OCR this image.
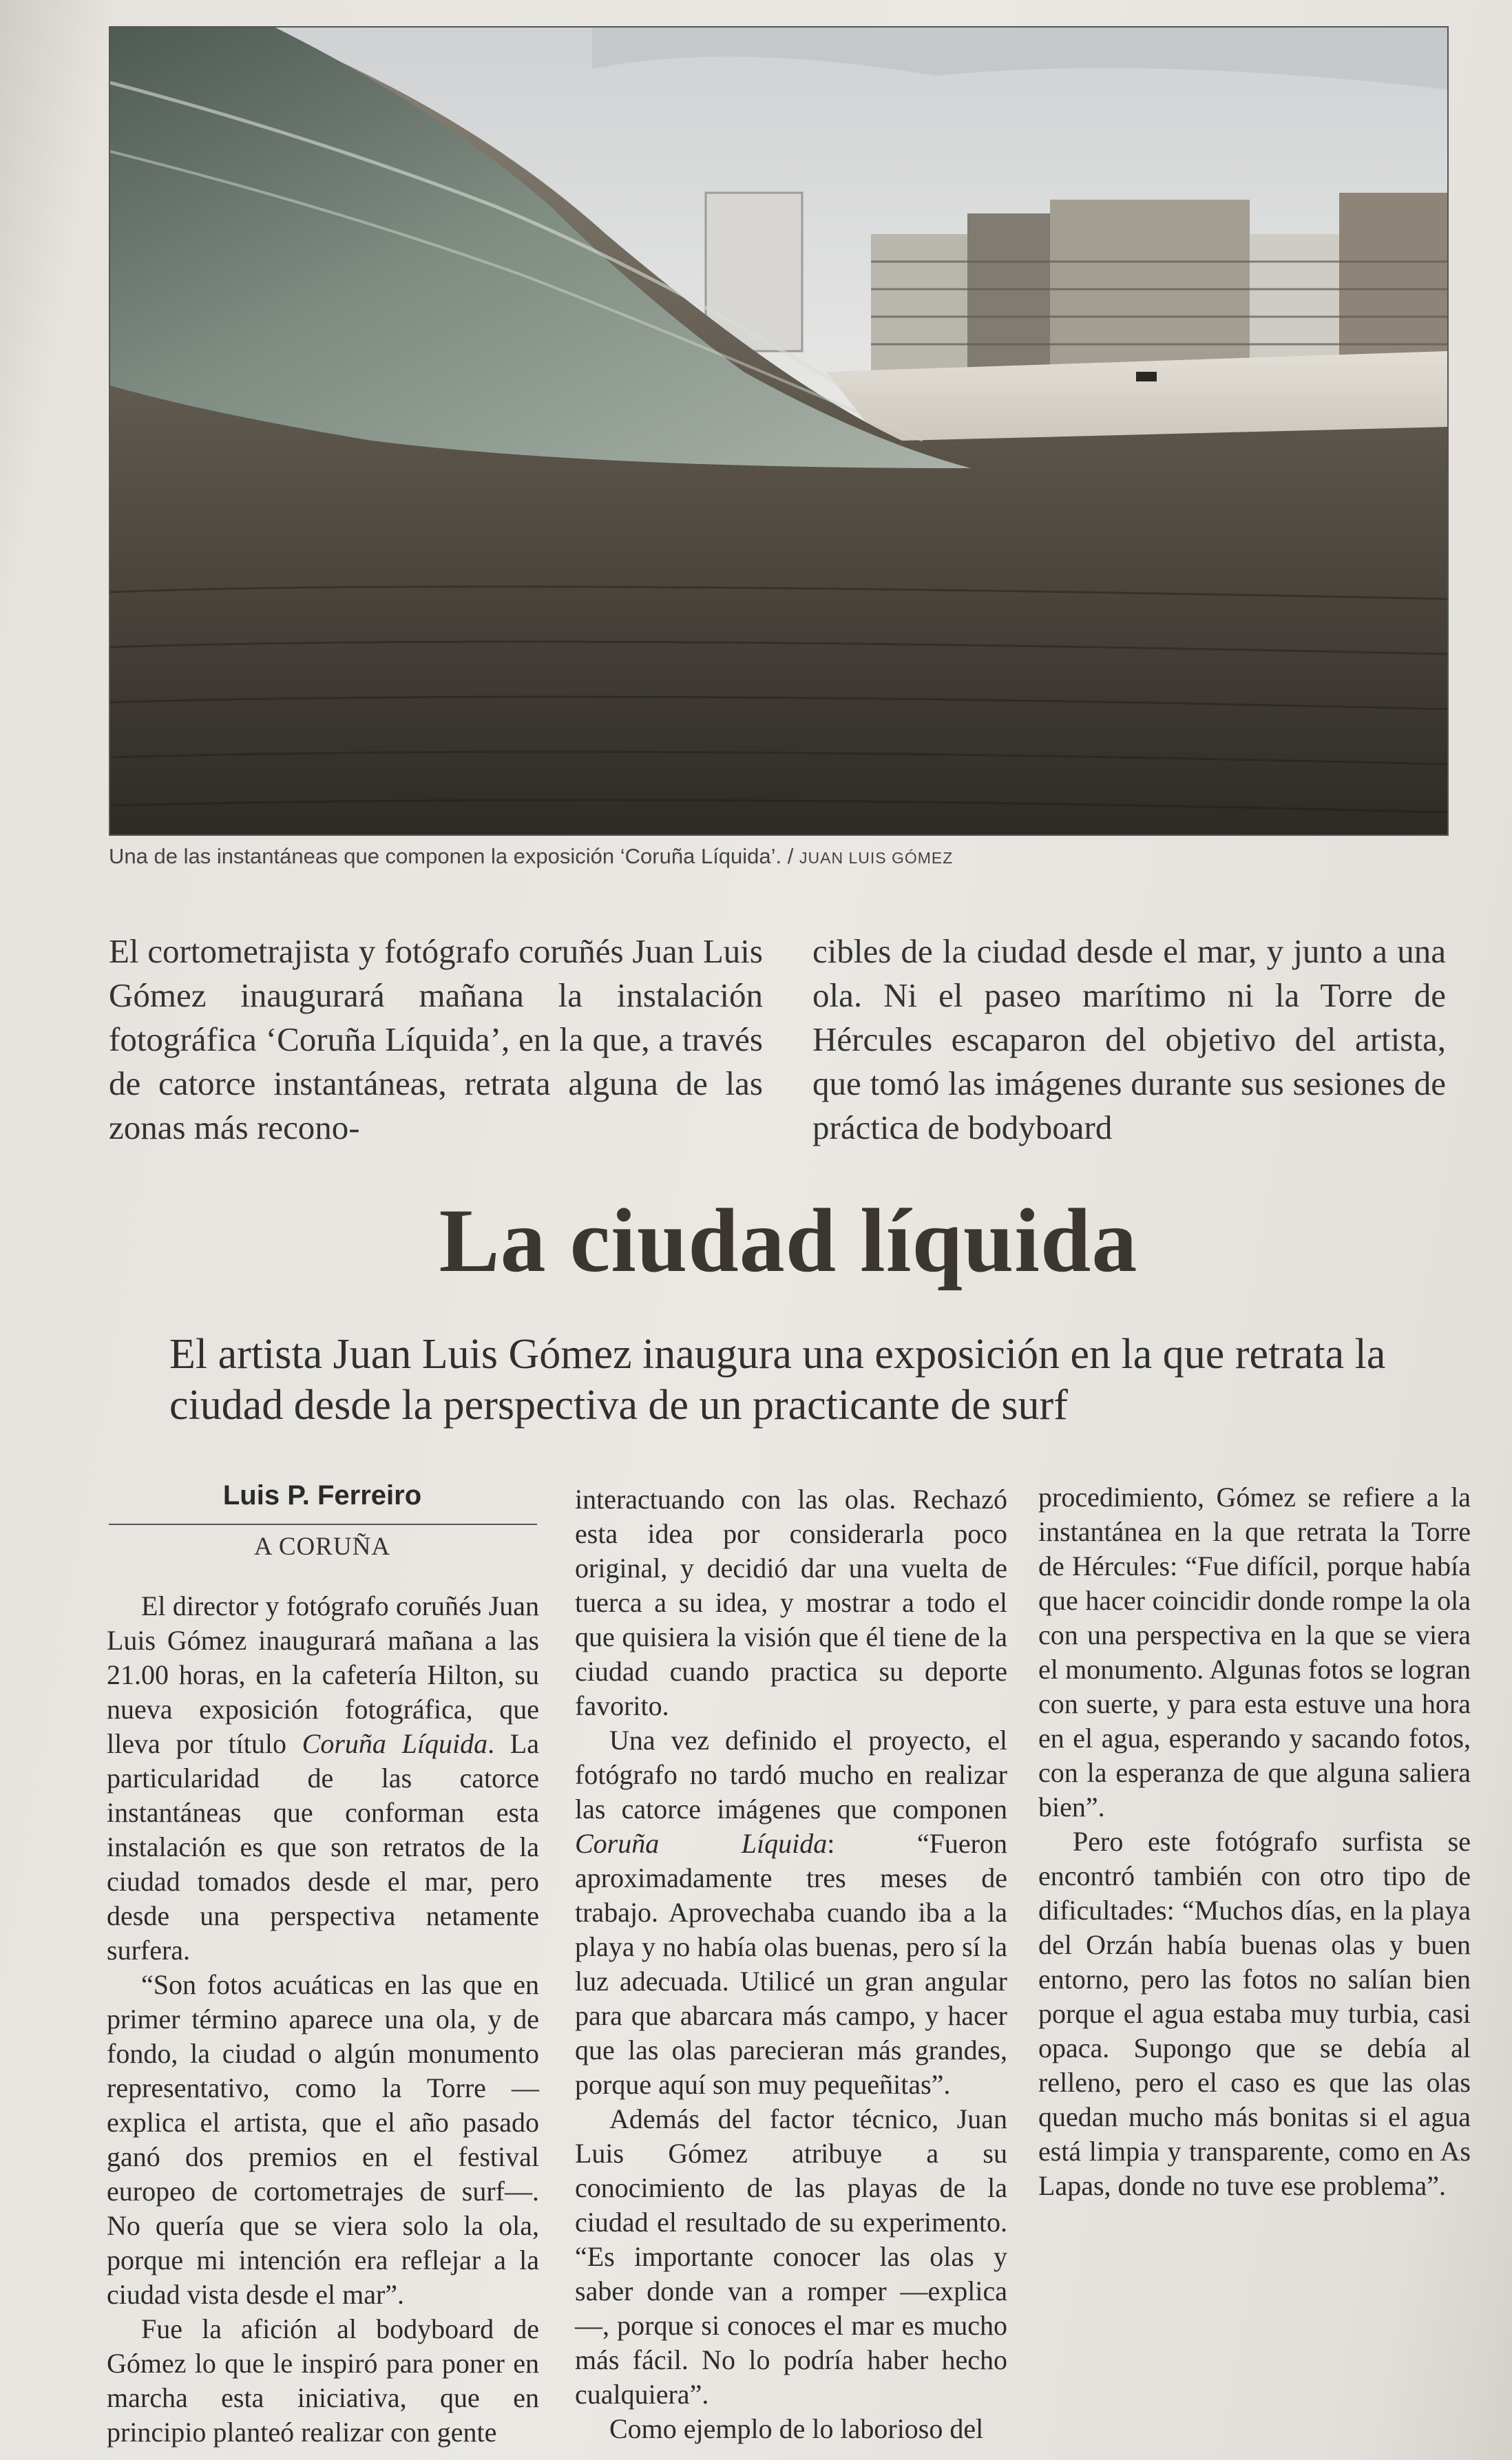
Una de las instantáneas que componen la exposición ‘Coruña Líquida’. / JUAN LUIS GÓMEZ

El cortometrajista y fotógrafo coruñés Juan Luis Gómez inaugurará mañana la instalación fotográfica ‘Coruña Líquida’, en la que, a través de catorce instantáneas, retrata alguna de las zonas más recono-

cibles de la ciudad desde el mar, y junto a una ola. Ni el paseo marítimo ni la Torre de Hércules escaparon del objetivo del artista, que tomó las imágenes durante sus sesiones de práctica de bodyboard

La ciudad líquida
El artista Juan Luis Gómez inaugura una exposición en la que retrata la ciudad desde la perspectiva de un practicante de surf
Luis P. Ferreiro
A CORUÑA

El director y fotógrafo coruñés Juan Luis Gómez inaugurará mañana a las 21.00 horas, en la cafetería Hilton, su nueva exposición fotográfica, que lleva por título Coruña Líquida. La particularidad de las catorce instantáneas que conforman esta instalación es que son retratos de la ciudad tomados desde el mar, pero desde una perspectiva netamente surfera.

“Son fotos acuáticas en las que en primer término aparece una ola, y de fondo, la ciudad o algún monumento representativo, como la Torre —explica el artista, que el año pasado ganó dos premios en el festival europeo de cortometrajes de surf—. No quería que se viera solo la ola, porque mi intención era reflejar a la ciudad vista desde el mar”.

Fue la afición al bodyboard de Gómez lo que le inspiró para poner en marcha esta iniciativa, que en principio planteó realizar con gente

interactuando con las olas. Rechazó esta idea por considerarla poco original, y decidió dar una vuelta de tuerca a su idea, y mostrar a todo el que quisiera la visión que él tiene de la ciudad cuando practica su deporte favorito.

Una vez definido el proyecto, el fotógrafo no tardó mucho en realizar las catorce imágenes que componen Coruña Líquida: “Fueron aproximadamente tres meses de trabajo. Aprovechaba cuando iba a la playa y no había olas buenas, pero sí la luz adecuada. Utilicé un gran angular para que abarcara más campo, y hacer que las olas parecieran más grandes, porque aquí son muy pequeñitas”.

Además del factor técnico, Juan Luis Gómez atribuye a su conocimiento de las playas de la ciudad el resultado de su experimento. “Es importante conocer las olas y saber donde van a romper —explica—, porque si conoces el mar es mucho más fácil. No lo podría haber hecho cualquiera”.

Como ejemplo de lo laborioso del

procedimiento, Gómez se refiere a la instantánea en la que retrata la Torre de Hércules: “Fue difícil, porque había que hacer coincidir donde rompe la ola con una perspectiva en la que se viera el monumento. Algunas fotos se logran con suerte, y para esta estuve una hora en el agua, esperando y sacando fotos, con la esperanza de que alguna saliera bien”.

Pero este fotógrafo surfista se encontró también con otro tipo de dificultades: “Muchos días, en la playa del Orzán había buenas olas y buen entorno, pero las fotos no salían bien porque el agua estaba muy turbia, casi opaca. Supongo que se debía al relleno, pero el caso es que las olas quedan mucho más bonitas si el agua está limpia y transparente, como en As Lapas, donde no tuve ese problema”.
